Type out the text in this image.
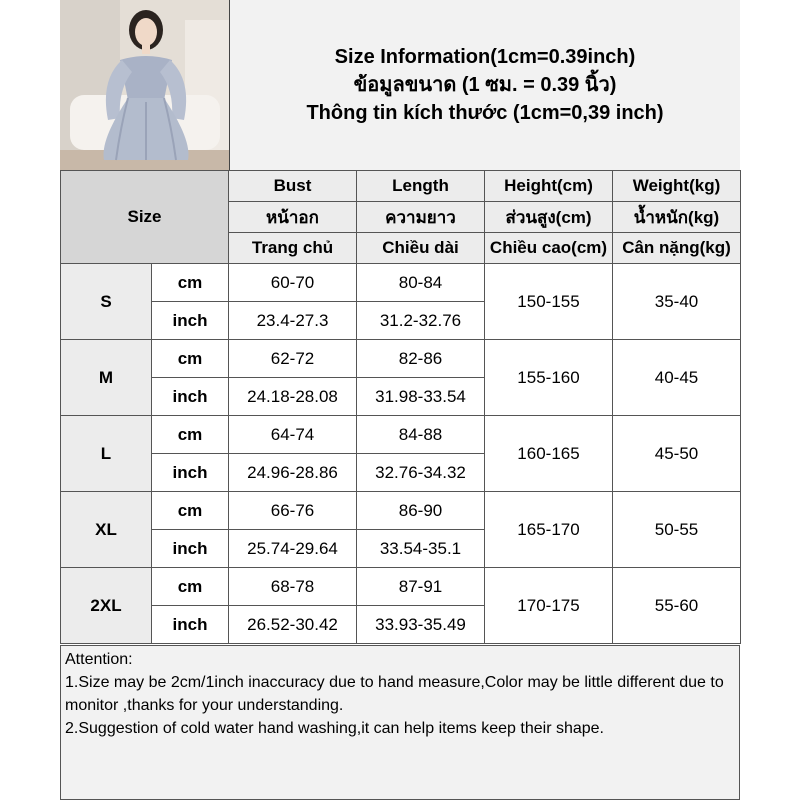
Size Information(1cm=0.39inch)
ข้อมูลขนาด (1 ซม. = 0.39 นิ้ว)
Thông tin kích thước (1cm=0,39 inch)
Size		Bust	Length	Height(cm)	Weight(kg)
		หน้าอก	ความยาว	ส่วนสูง(cm)	น้ำหนัก(kg)
		Trang chủ	Chiều dài	Chiều cao(cm)	Cân nặng(kg)
S	cm	60-70	80-84	150-155	35-40
	inch	23.4-27.3	31.2-32.76		
M	cm	62-72	82-86	155-160	40-45
	inch	24.18-28.08	31.98-33.54		
L	cm	64-74	84-88	160-165	45-50
	inch	24.96-28.86	32.76-34.32		
XL	cm	66-76	86-90	165-170	50-55
	inch	25.74-29.64	33.54-35.1		
2XL	cm	68-78	87-91	170-175	55-60
	inch	26.52-30.42	33.93-35.49		

Attention:

1.Size may be 2cm/1inch inaccuracy due to hand measure,Color may be little different due to monitor ,thanks for your understanding.

2.Suggestion of cold water hand washing,it can help items keep their shape.
